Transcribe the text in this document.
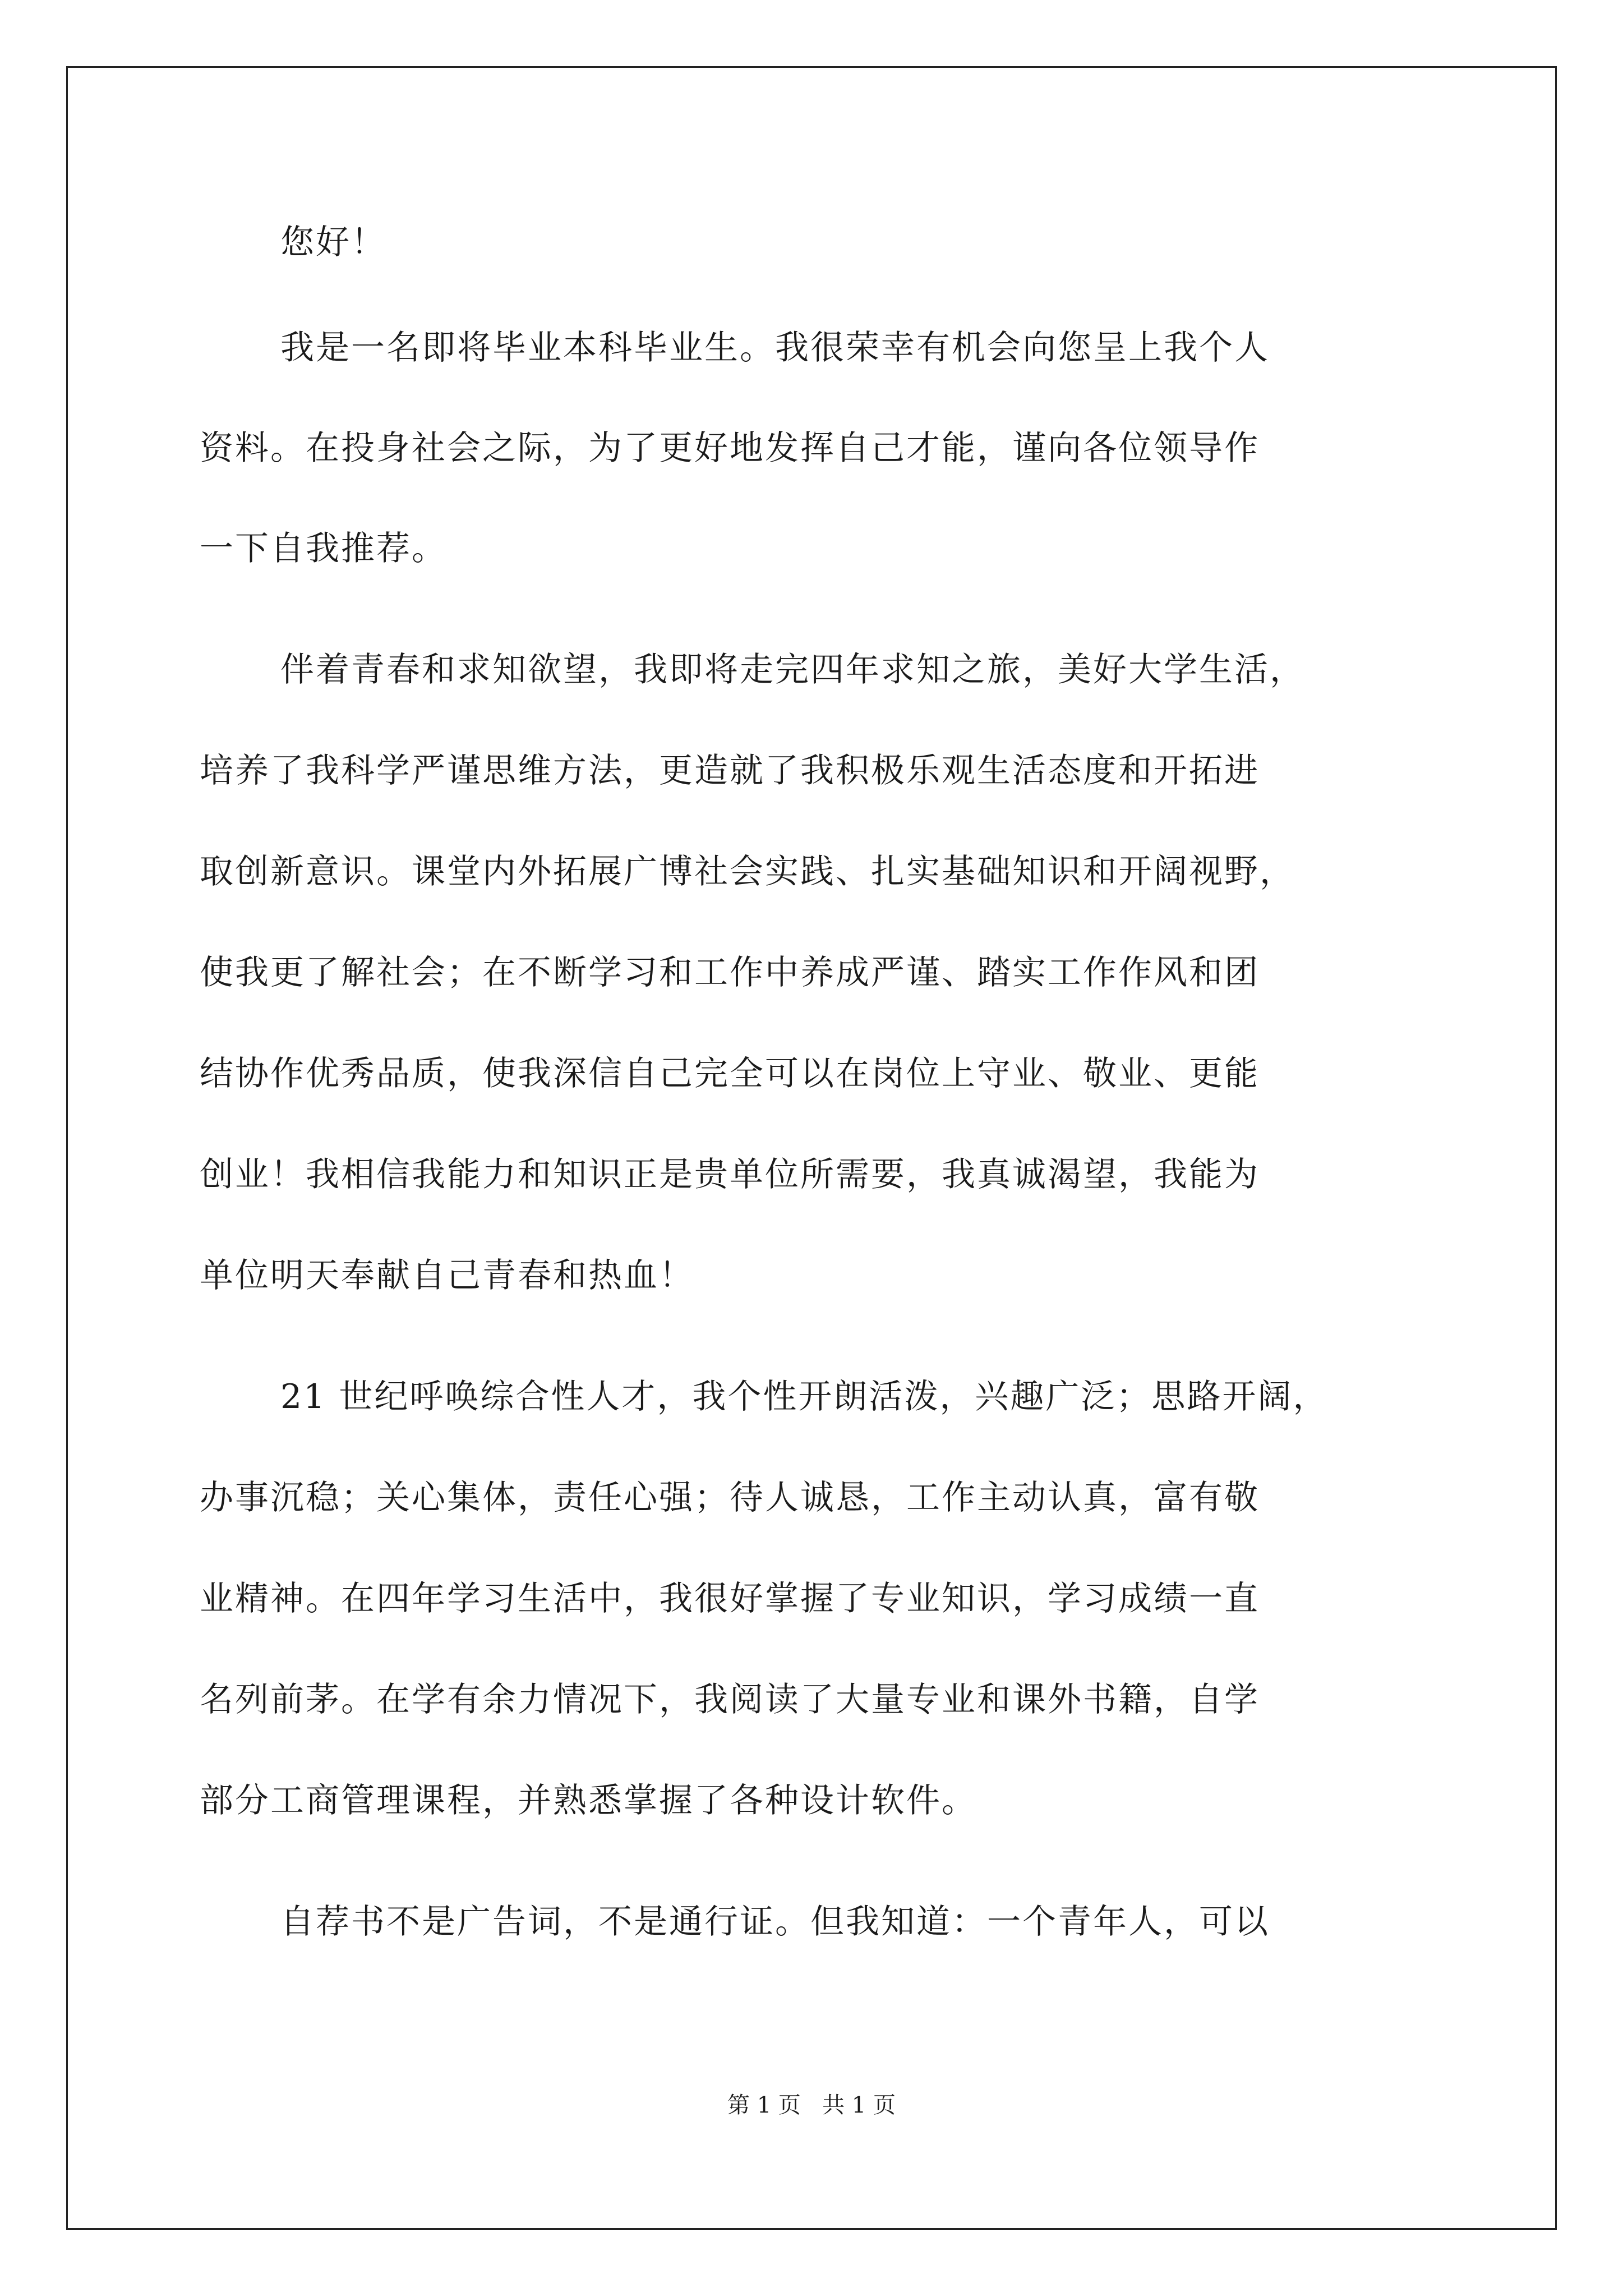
您好！
我是一名即将毕业本科毕业生。我很荣幸有机会向您呈上我个人
资料。在投身社会之际，为了更好地发挥自己才能，谨向各位领导作
一下自我推荐。
伴着青春和求知欲望，我即将走完四年求知之旅，美好大学生活，
培养了我科学严谨思维方法，更造就了我积极乐观生活态度和开拓进
取创新意识。课堂内外拓展广博社会实践、扎实基础知识和开阔视野，
使我更了解社会；在不断学习和工作中养成严谨、踏实工作作风和团
结协作优秀品质，使我深信自己完全可以在岗位上守业、敬业、更能
创业！我相信我能力和知识正是贵单位所需要，我真诚渴望，我能为
单位明天奉献自己青春和热血！
21 世纪呼唤综合性人才，我个性开朗活泼，兴趣广泛；思路开阔，
办事沉稳；关心集体，责任心强；待人诚恳，工作主动认真，富有敬
业精神。在四年学习生活中，我很好掌握了专业知识，学习成绩一直
名列前茅。在学有余力情况下，我阅读了大量专业和课外书籍，自学
部分工商管理课程，并熟悉掌握了各种设计软件。
自荐书不是广告词，不是通行证。但我知道：一个青年人，可以
第 1 页   共 1 页
